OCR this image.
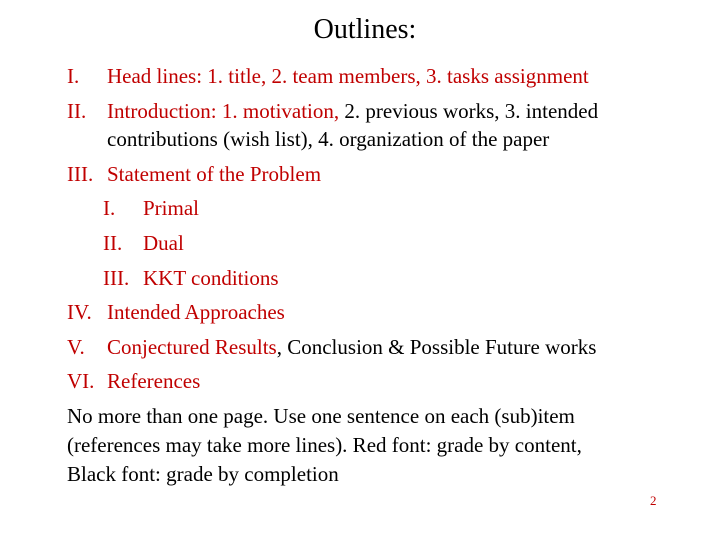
Outlines:
I. Head lines: 1. title, 2. team members, 3. tasks assignment
II. Introduction: 1. motivation, 2. previous works, 3. intended
contributions (wish list), 4. organization of the paper
III. Statement of the Problem
I. Primal
II. Dual
III. KKT conditions
IV. Intended Approaches
V. Conjectured Results, Conclusion & Possible Future works
VI. References
No more than one page. Use one sentence on each (sub)item
(references may take more lines). Red font: grade by content,
Black font: grade by completion
2
